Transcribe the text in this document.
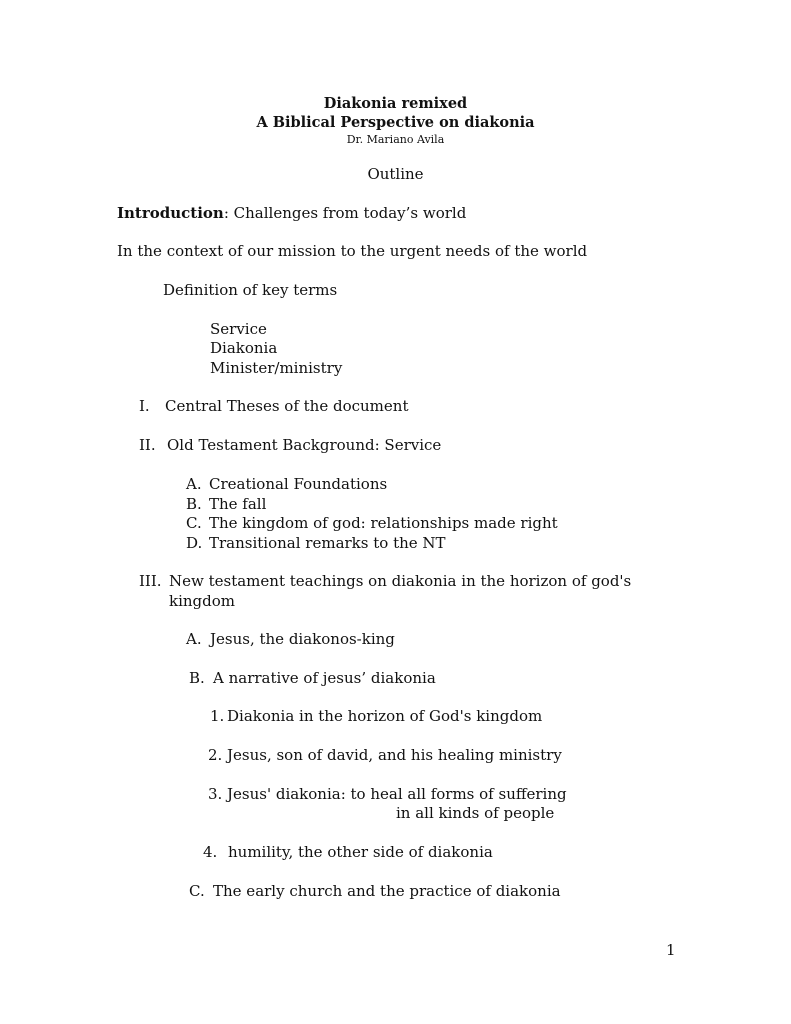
Diakonia remixed
A Biblical Perspective on diakonia
Dr. Mariano Avila
Outline
Introduction: Challenges from today’s world
In the context of our mission to the urgent needs of the world
Definition of key terms
Service
Diakonia
Minister/ministry
I. Central Theses of the document
II. Old Testament Background: Service
A. Creational Foundations
B. The fall
C. The kingdom of god: relationships made right
D. Transitional remarks to the NT
III. New testament teachings on diakonia in the horizon of god's
kingdom
A. Jesus, the diakonos-king
B. A narrative of jesus’ diakonia
1. Diakonia in the horizon of God's kingdom
2. Jesus, son of david, and his healing ministry
3. Jesus' diakonia: to heal all forms of suffering
in all kinds of people
4. humility, the other side of diakonia
C. The early church and the practice of diakonia
1
